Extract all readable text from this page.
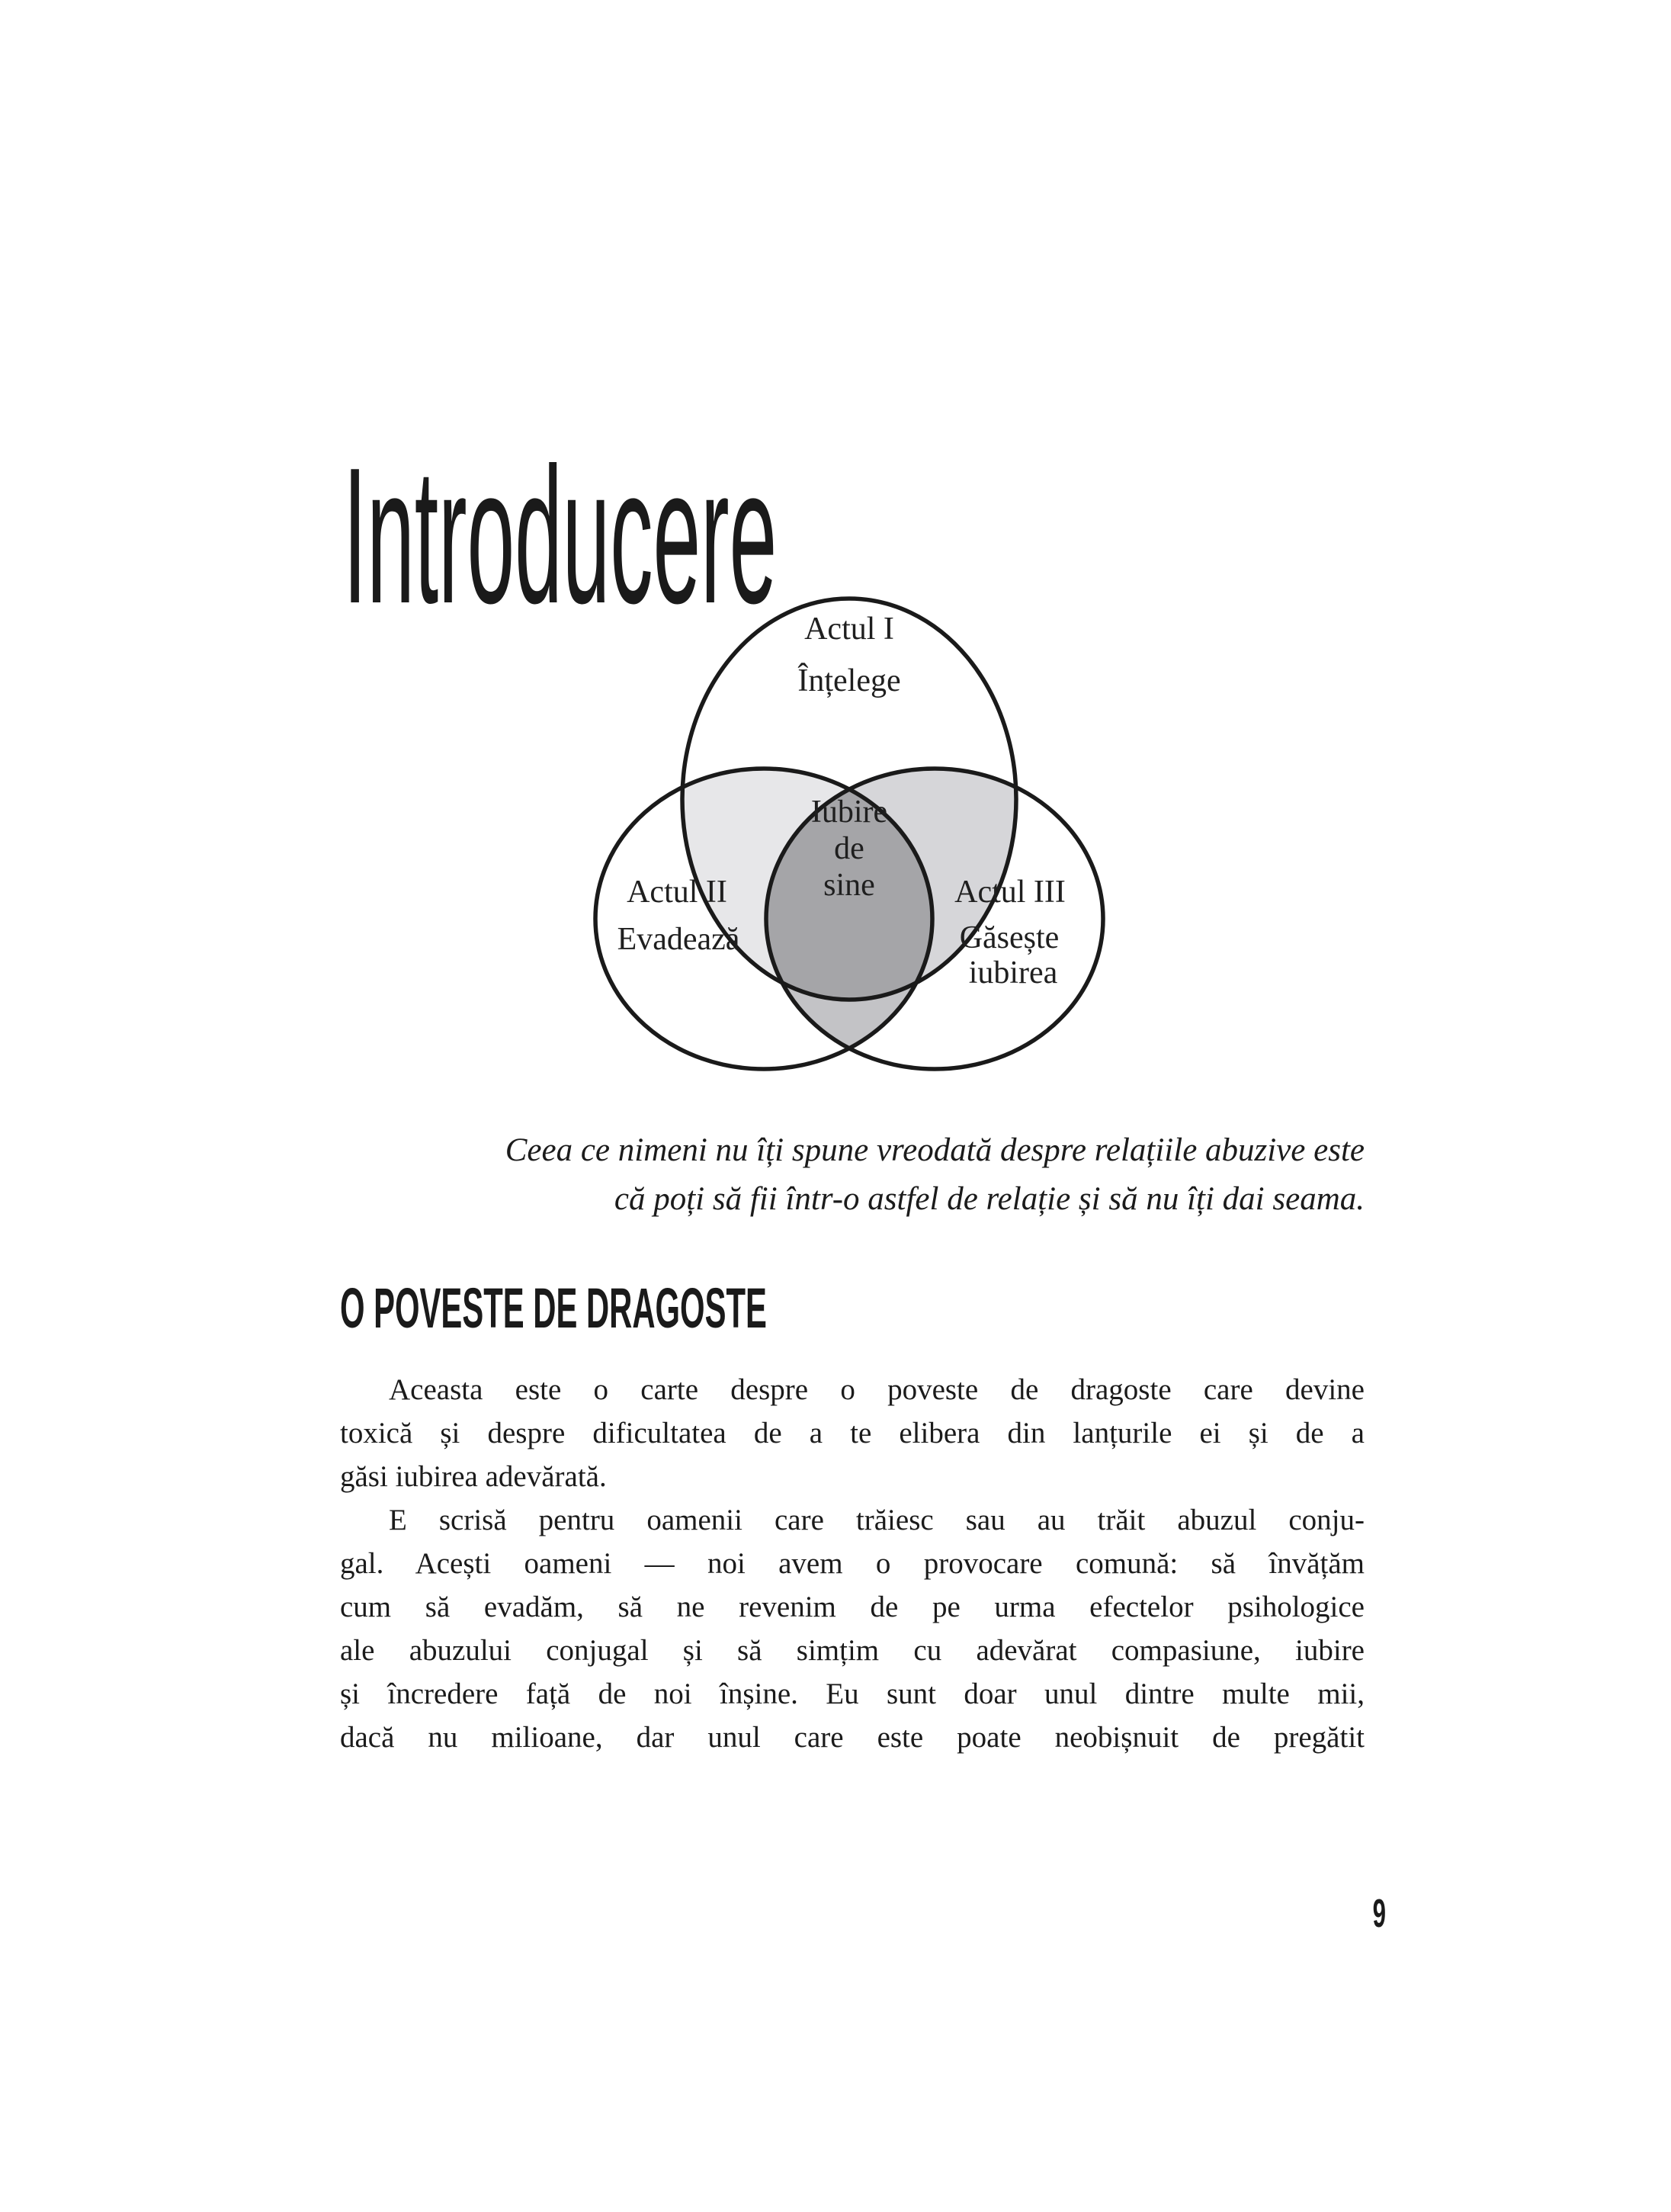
Introducere Actul I
Înțelege
Iubire
de
sine
Actul II
Evadează
Actul III
Găsește
iubirea
Ceea ce nimeni nu îți spune vreodată despre relațiile abuzive este
că poți să fii într-o astfel de relație și să nu îți dai seama.
O POVESTE DE DRAGOSTE
Aceasta este o carte despre o poveste de dragoste care devine
toxică și despre dificultatea de a te elibera din lanțurile ei și de a
găsi iubirea adevărată.
E scrisă pentru oamenii care trăiesc sau au trăit abuzul conju-
gal. Acești oameni — noi avem o provocare comună: să învățăm
cum să evadăm, să ne revenim de pe urma efectelor psihologice
ale abuzului conjugal și să simțim cu adevărat compasiune, iubire
și încredere față de noi înșine. Eu sunt doar unul dintre multe mii,
dacă nu milioane, dar unul care este poate neobișnuit de pregătit
9
